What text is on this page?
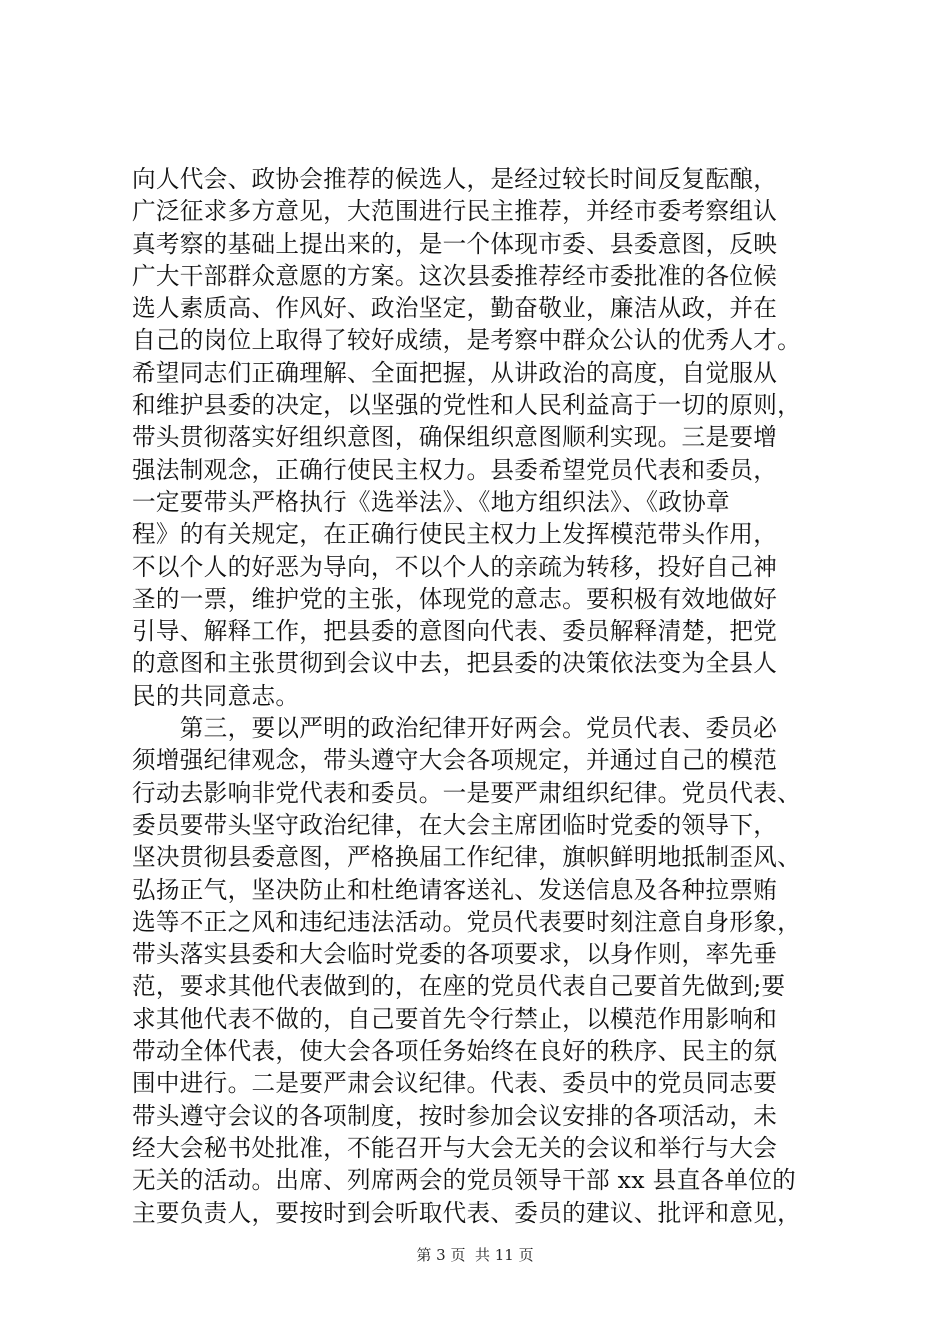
向人代会、政协会推荐的候选人，是经过较长时间反复酝酿，
广泛征求多方意见，大范围进行民主推荐，并经市委考察组认
真考察的基础上提出来的，是一个体现市委、县委意图，反映
广大干部群众意愿的方案。这次县委推荐经市委批准的各位候
选人素质高、作风好、政治坚定，勤奋敬业，廉洁从政，并在
自己的岗位上取得了较好成绩，是考察中群众公认的优秀人才。
希望同志们正确理解、全面把握，从讲政治的高度，自觉服从
和维护县委的决定，以坚强的党性和人民利益高于一切的原则，
带头贯彻落实好组织意图，确保组织意图顺利实现。三是要增
强法制观念，正确行使民主权力。县委希望党员代表和委员，
一定要带头严格执行《选举法》、《地方组织法》、《政协章
程》的有关规定，在正确行使民主权力上发挥模范带头作用，
不以个人的好恶为导向，不以个人的亲疏为转移，投好自己神
圣的一票，维护党的主张，体现党的意志。要积极有效地做好
引导、解释工作，把县委的意图向代表、委员解释清楚，把党
的意图和主张贯彻到会议中去，把县委的决策依法变为全县人
民的共同意志。
　　第三，要以严明的政治纪律开好两会。党员代表、委员必
须增强纪律观念，带头遵守大会各项规定，并通过自己的模范
行动去影响非党代表和委员。一是要严肃组织纪律。党员代表、
委员要带头坚守政治纪律，在大会主席团临时党委的领导下，
坚决贯彻县委意图，严格换届工作纪律，旗帜鲜明地抵制歪风、
弘扬正气，坚决防止和杜绝请客送礼、发送信息及各种拉票贿
选等不正之风和违纪违法活动。党员代表要时刻注意自身形象，
带头落实县委和大会临时党委的各项要求，以身作则，率先垂
范，要求其他代表做到的，在座的党员代表自己要首先做到;要
求其他代表不做的，自己要首先令行禁止，以模范作用影响和
带动全体代表，使大会各项任务始终在良好的秩序、民主的氛
围中进行。二是要严肃会议纪律。代表、委员中的党员同志要
带头遵守会议的各项制度，按时参加会议安排的各项活动，未
经大会秘书处批准，不能召开与大会无关的会议和举行与大会
无关的活动。出席、列席两会的党员领导干部 xx 县直各单位的
主要负责人，要按时到会听取代表、委员的建议、批评和意见，
第 3 页  共 11 页
